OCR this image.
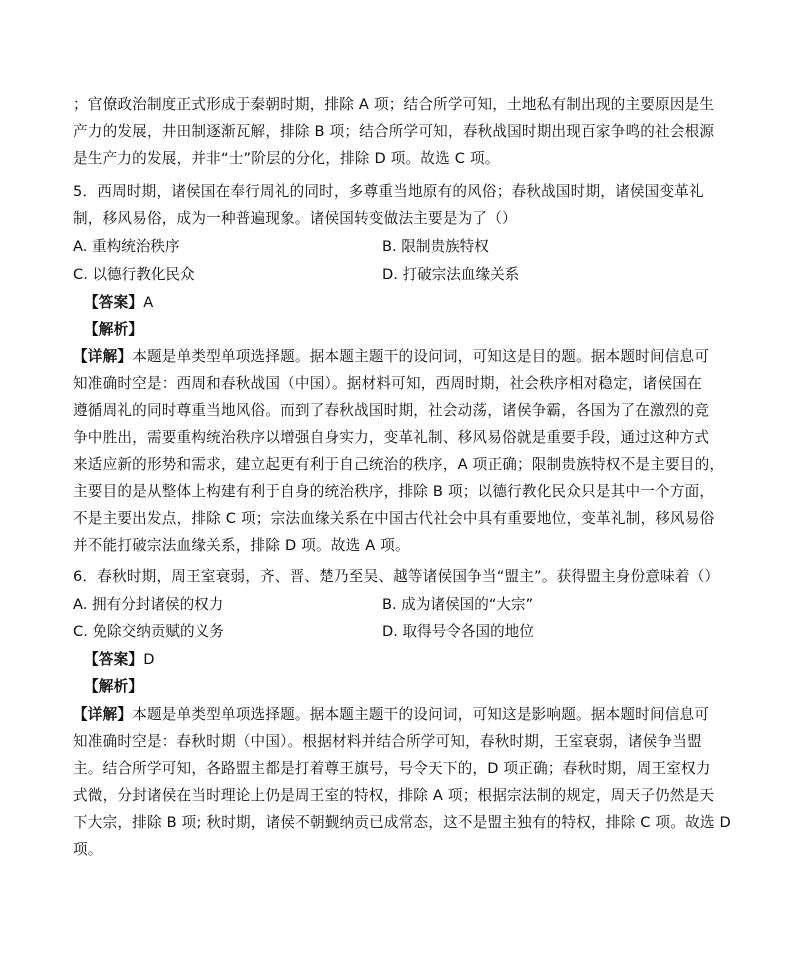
；官僚政治制度正式形成于秦朝时期，排除 A 项；结合所学可知，土地私有制出现的主要原因是生
产力的发展，井田制逐渐瓦解，排除 B 项；结合所学可知，春秋战国时期出现百家争鸣的社会根源
是生产力的发展，并非“士”阶层的分化，排除 D 项。故选 C 项。
5．西周时期，诸侯国在奉行周礼的同时，多尊重当地原有的风俗；春秋战国时期，诸侯国变革礼
制，移风易俗，成为一种普遍现象。诸侯国转变做法主要是为了（）
A. 重构统治秩序	B. 限制贵族特权
C. 以德行教化民众	D. 打破宗法血缘关系
【答案】A
【解析】
【详解】本题是单类型单项选择题。据本题主题干的设问词，可知这是目的题。据本题时间信息可
知准确时空是：西周和春秋战国（中国）。据材料可知，西周时期，社会秩序相对稳定，诸侯国在
遵循周礼的同时尊重当地风俗。而到了春秋战国时期，社会动荡，诸侯争霸，各国为了在激烈的竞
争中胜出，需要重构统治秩序以增强自身实力，变革礼制、移风易俗就是重要手段，通过这种方式
来适应新的形势和需求，建立起更有利于自己统治的秩序，A 项正确；限制贵族特权不是主要目的，
主要目的是从整体上构建有利于自身的统治秩序，排除 B 项；以德行教化民众只是其中一个方面，
不是主要出发点，排除 C 项；宗法血缘关系在中国古代社会中具有重要地位，变革礼制，移风易俗
并不能打破宗法血缘关系，排除 D 项。故选 A 项。
6．春秋时期，周王室衰弱，齐、晋、楚乃至吴、越等诸侯国争当“盟主”。获得盟主身份意味着（）
A. 拥有分封诸侯的权力	B. 成为诸侯国的“大宗”
C. 免除交纳贡赋的义务	D. 取得号令各国的地位
【答案】D
【解析】
【详解】本题是单类型单项选择题。据本题主题干的设问词，可知这是影响题。据本题时间信息可
知准确时空是：春秋时期（中国）。根据材料并结合所学可知，春秋时期，王室衰弱，诸侯争当盟
主。结合所学可知，各路盟主都是打着尊王旗号，号令天下的，D 项正确；春秋时期，周王室权力
式微，分封诸侯在当时理论上仍是周王室的特权，排除 A 项；根据宗法制的规定，周天子仍然是天
下大宗，排除 B 项; 秋时期，诸侯不朝觐纳贡已成常态，这不是盟主独有的特权，排除 C 项。故选 D
项。
